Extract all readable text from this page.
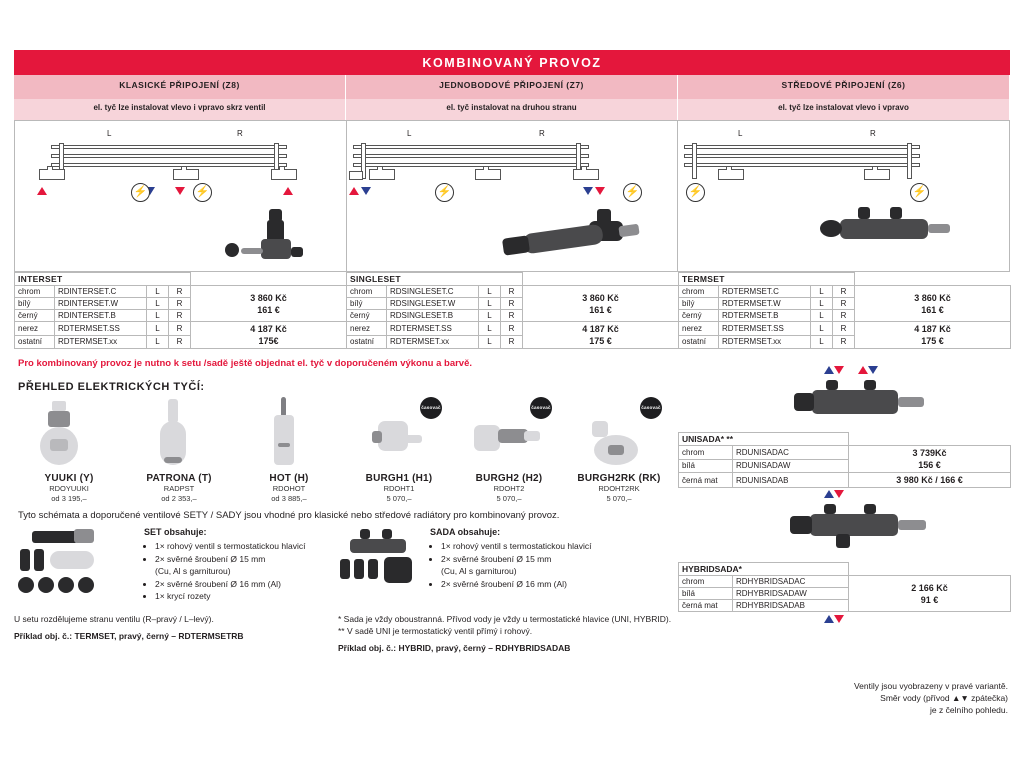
KOMBINOVANÝ PROVOZ
KLASICKÉ PŘIPOJENÍ (Z8)
el. tyč lze instalovat vlevo i vpravo skrz ventil
JEDNOBODOVÉ PŘIPOJENÍ (Z7)
el. tyč instalovat na druhou stranu
STŘEDOVÉ PŘIPOJENÍ (Z6)
el. tyč lze instalovat vlevo i vpravo
L	R
⚡	⚡
L	R
⚡	⚡
L	R
⚡	⚡
INTERSET				
chrom	RDINTERSET.C	L	R	3 860 Kč
161 €

bílý	RDINTERSET.W	L	R	
černý	RDINTERSET.B	L	R	
nerez	RDTERMSET.SS	L	R	4 187 Kč
175€

ostatní	RDTERMSET.xx	L	R	
SINGLESET				
chrom	RDSINGLESET.C	L	R	3 860 Kč
161 €

bílý	RDSINGLESET.W	L	R	
černý	RDSINGLESET.B	L	R	
nerez	RDTERMSET.SS	L	R	4 187 Kč
175 €

ostatní	RDTERMSET.xx	L	R	
TERMSET				
chrom	RDTERMSET.C	L	R	3 860 Kč
161 €

bílý	RDTERMSET.W	L	R	
černý	RDTERMSET.B	L	R	
nerez	RDTERMSET.SS	L	R	4 187 Kč
175 €

ostatní	RDTERMSET.xx	L	R	
Pro kombinovaný provoz je nutno k setu /sadě ještě objednat el. tyč v doporučeném výkonu a barvě.
PŘEHLED ELEKTRICKÝCH TYČÍ:
YUUKI (Y)
RDOYUUKI
od 3 195,–
PATRONA (T)
RADPST
od 2 353,–
HOT (H)
RDOHOT
od 3 885,–
časovač
BURGH1 (H1)
RDOHT1
5 070,–
časovač
BURGH2 (H2)
RDOHT2
5 070,–
časovač
BURGH2RK (RK)
RDOHT2RK
5 070,–
Tyto schémata a doporučené ventilové SETY / SADY jsou vhodné pro klasické nebo středové radiátory pro kombinovaný provoz.
SET obsahuje:
• 1× rohový ventil s termostatickou hlavicí
• 2× svěrné šroubení Ø 15 mm
(Cu, Al s garniturou)
• 2× svěrné šroubení Ø 16 mm (Al)
• 1× krycí rozety
SADA obsahuje:
• 1× rohový ventil s termostatickou hlavicí
• 2× svěrné šroubení Ø 15 mm
(Cu, Al s garniturou)
• 2× svěrné šroubení Ø 16 mm (Al)
U setu rozdělujeme stranu ventilu (R–pravý / L–levý).
Příklad obj. č.: TERMSET, pravý, černý – RDTERMSETRB
* Sada je vždy oboustranná. Přívod vody je vždy u termostatické hlavice (UNI, HYBRID).
** V sadě UNI je termostatický ventil přímý i rohový.
Příklad obj. č.: HYBRID, pravý, černý – RDHYBRIDSADAB
UNISADA* **		
chrom	RDUNISADAC	3 739Kč
156 €

bílá	RDUNISADAW	
černá mat	RDUNISADAB	3 980 Kč / 166 €
HYBRIDSADA*		
chrom	RDHYBRIDSADAC	2 166 Kč
91 €

bílá	RDHYBRIDSADAW	
černá mat	RDHYBRIDSADAB	
Ventily jsou vyobrazeny v pravé variantě.
Směr vody (přívod ▲▼ zpátečka)
je z čelního pohledu.
